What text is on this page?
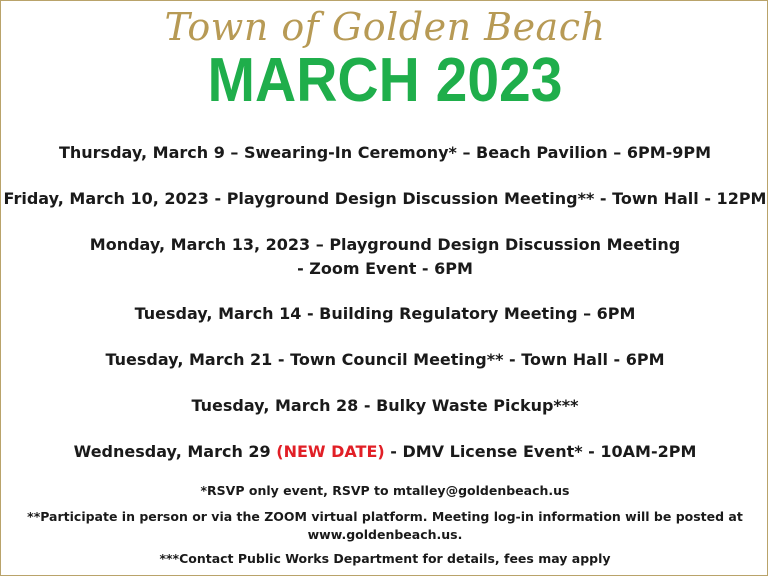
Town of Golden Beach
MARCH 2023
Thursday, March 9 – Swearing-In Ceremony* – Beach Pavilion – 6PM-9PM
Friday, March 10, 2023 - Playground Design Discussion Meeting** - Town Hall - 12PM
Monday, March 13, 2023 – Playground Design Discussion Meeting
- Zoom Event - 6PM
Tuesday, March 14 - Building Regulatory Meeting – 6PM
Tuesday, March 21 - Town Council Meeting** - Town Hall - 6PM
Tuesday, March 28 - Bulky Waste Pickup***
Wednesday, March 29 (NEW DATE) - DMV License Event* - 10AM-2PM
*RSVP only event, RSVP to mtalley@goldenbeach.us
**Participate in person or via the ZOOM virtual platform. Meeting log-in information will be posted at
www.goldenbeach.us.
***Contact Public Works Department for details, fees may apply
